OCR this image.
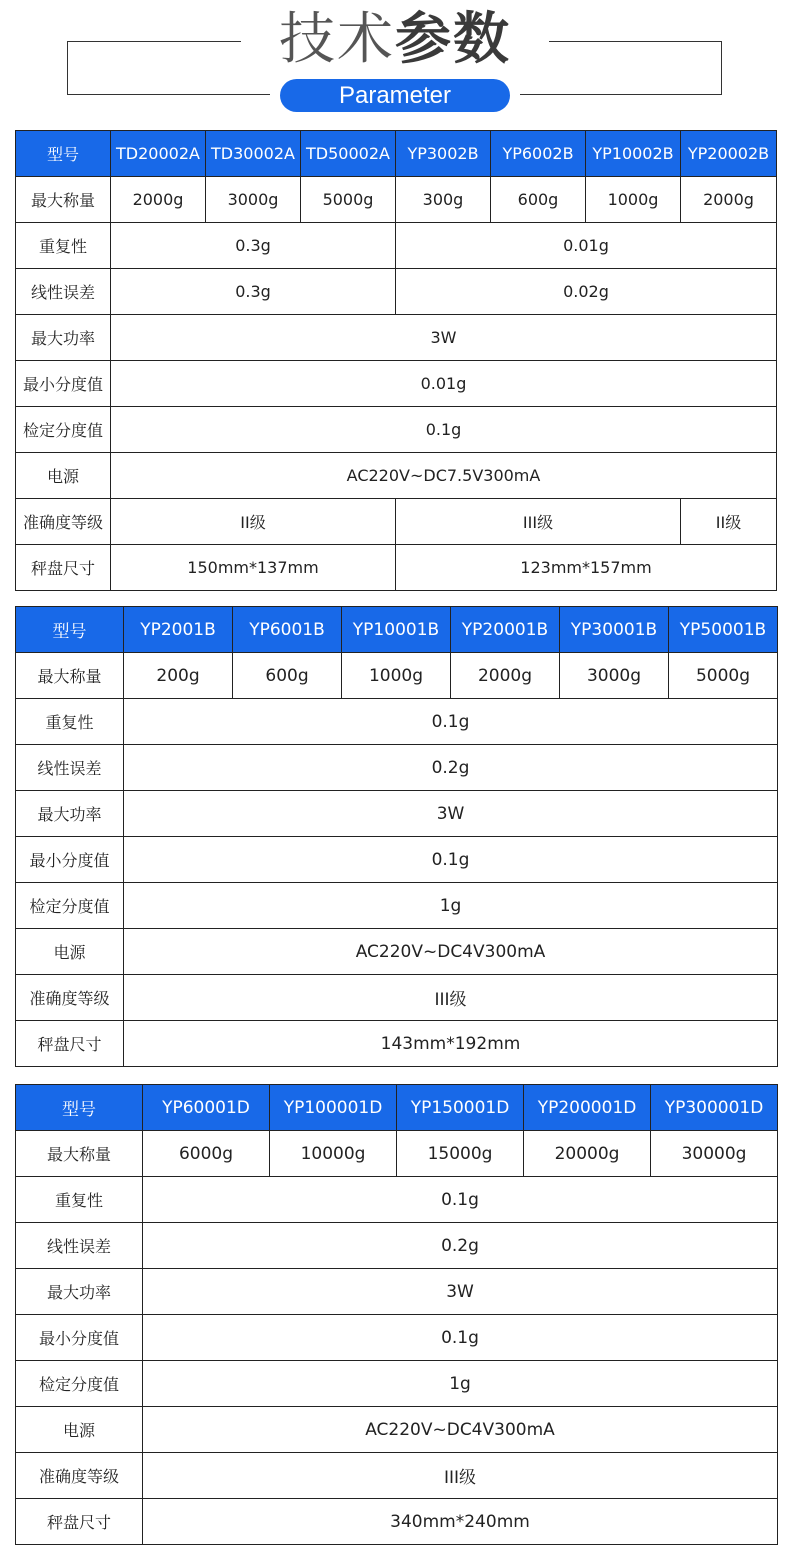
技术参数
Parameter
型号	TD20002A	TD30002A	TD50002A	YP3002B	YP6002B	YP10002B	YP20002B
最大称量	2000g	3000g	5000g	300g	600g	1000g	2000g
重复性	0.3g			0.01g			
线性误差	0.3g			0.02g			
最大功率	3W						
最小分度值	0.01g						
检定分度值	0.1g						
电源	AC220V~DC7.5V300mA						
准确度等级	II级			III级			II级
秤盘尺寸	150mm*137mm			123mm*157mm			
型号	YP2001B	YP6001B	YP10001B	YP20001B	YP30001B	YP50001B
最大称量	200g	600g	1000g	2000g	3000g	5000g
重复性	0.1g					
线性误差	0.2g					
最大功率	3W					
最小分度值	0.1g					
检定分度值	1g					
电源	AC220V~DC4V300mA					
准确度等级	III级					
秤盘尺寸	143mm*192mm					
型号	YP60001D	YP100001D	YP150001D	YP200001D	YP300001D
最大称量	6000g	10000g	15000g	20000g	30000g
重复性	0.1g				
线性误差	0.2g				
最大功率	3W				
最小分度值	0.1g				
检定分度值	1g				
电源	AC220V~DC4V300mA				
准确度等级	III级				
秤盘尺寸	340mm*240mm				
